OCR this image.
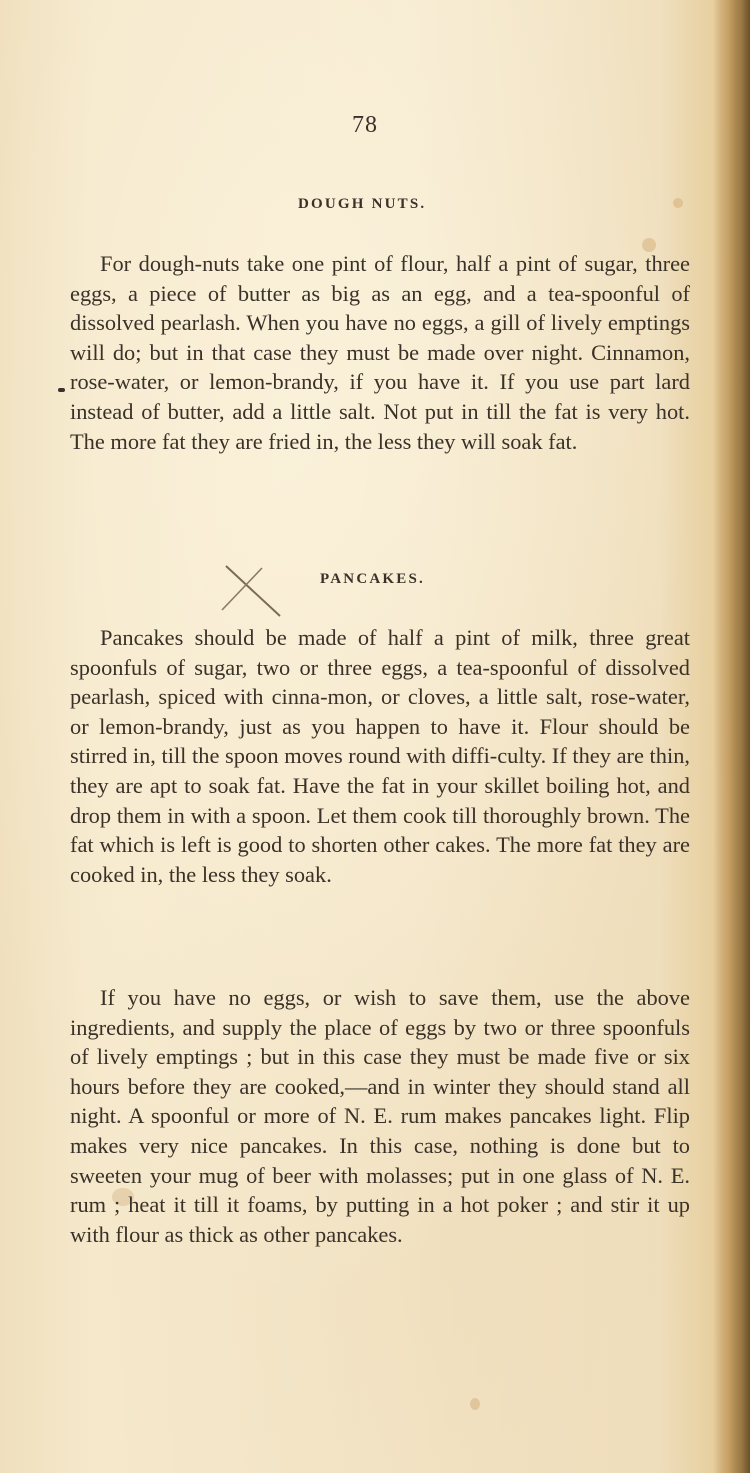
78
DOUGH NUTS.
For dough-nuts take one pint of flour, half a pint of sugar, three eggs, a piece of butter as big as an egg, and a tea-spoonful of dissolved pearlash. When you have no eggs, a gill of lively emptings will do; but in that case they must be made over night. Cinnamon, rose-water, or lemon-brandy, if you have it. If you use part lard instead of butter, add a little salt. Not put in till the fat is very hot. The more fat they are fried in, the less they will soak fat.
PANCAKES.
Pancakes should be made of half a pint of milk, three great spoonfuls of sugar, two or three eggs, a tea-spoonful of dissolved pearlash, spiced with cinna-mon, or cloves, a little salt, rose-water, or lemon-brandy, just as you happen to have it. Flour should be stirred in, till the spoon moves round with diffi-culty. If they are thin, they are apt to soak fat. Have the fat in your skillet boiling hot, and drop them in with a spoon. Let them cook till thoroughly brown. The fat which is left is good to shorten other cakes. The more fat they are cooked in, the less they soak.
If you have no eggs, or wish to save them, use the above ingredients, and supply the place of eggs by two or three spoonfuls of lively emptings ; but in this case they must be made five or six hours before they are cooked,—and in winter they should stand all night. A spoonful or more of N. E. rum makes pancakes light. Flip makes very nice pancakes. In this case, nothing is done but to sweeten your mug of beer with molasses; put in one glass of N. E. rum ; heat it till it foams, by putting in a hot poker ; and stir it up with flour as thick as other pancakes.
